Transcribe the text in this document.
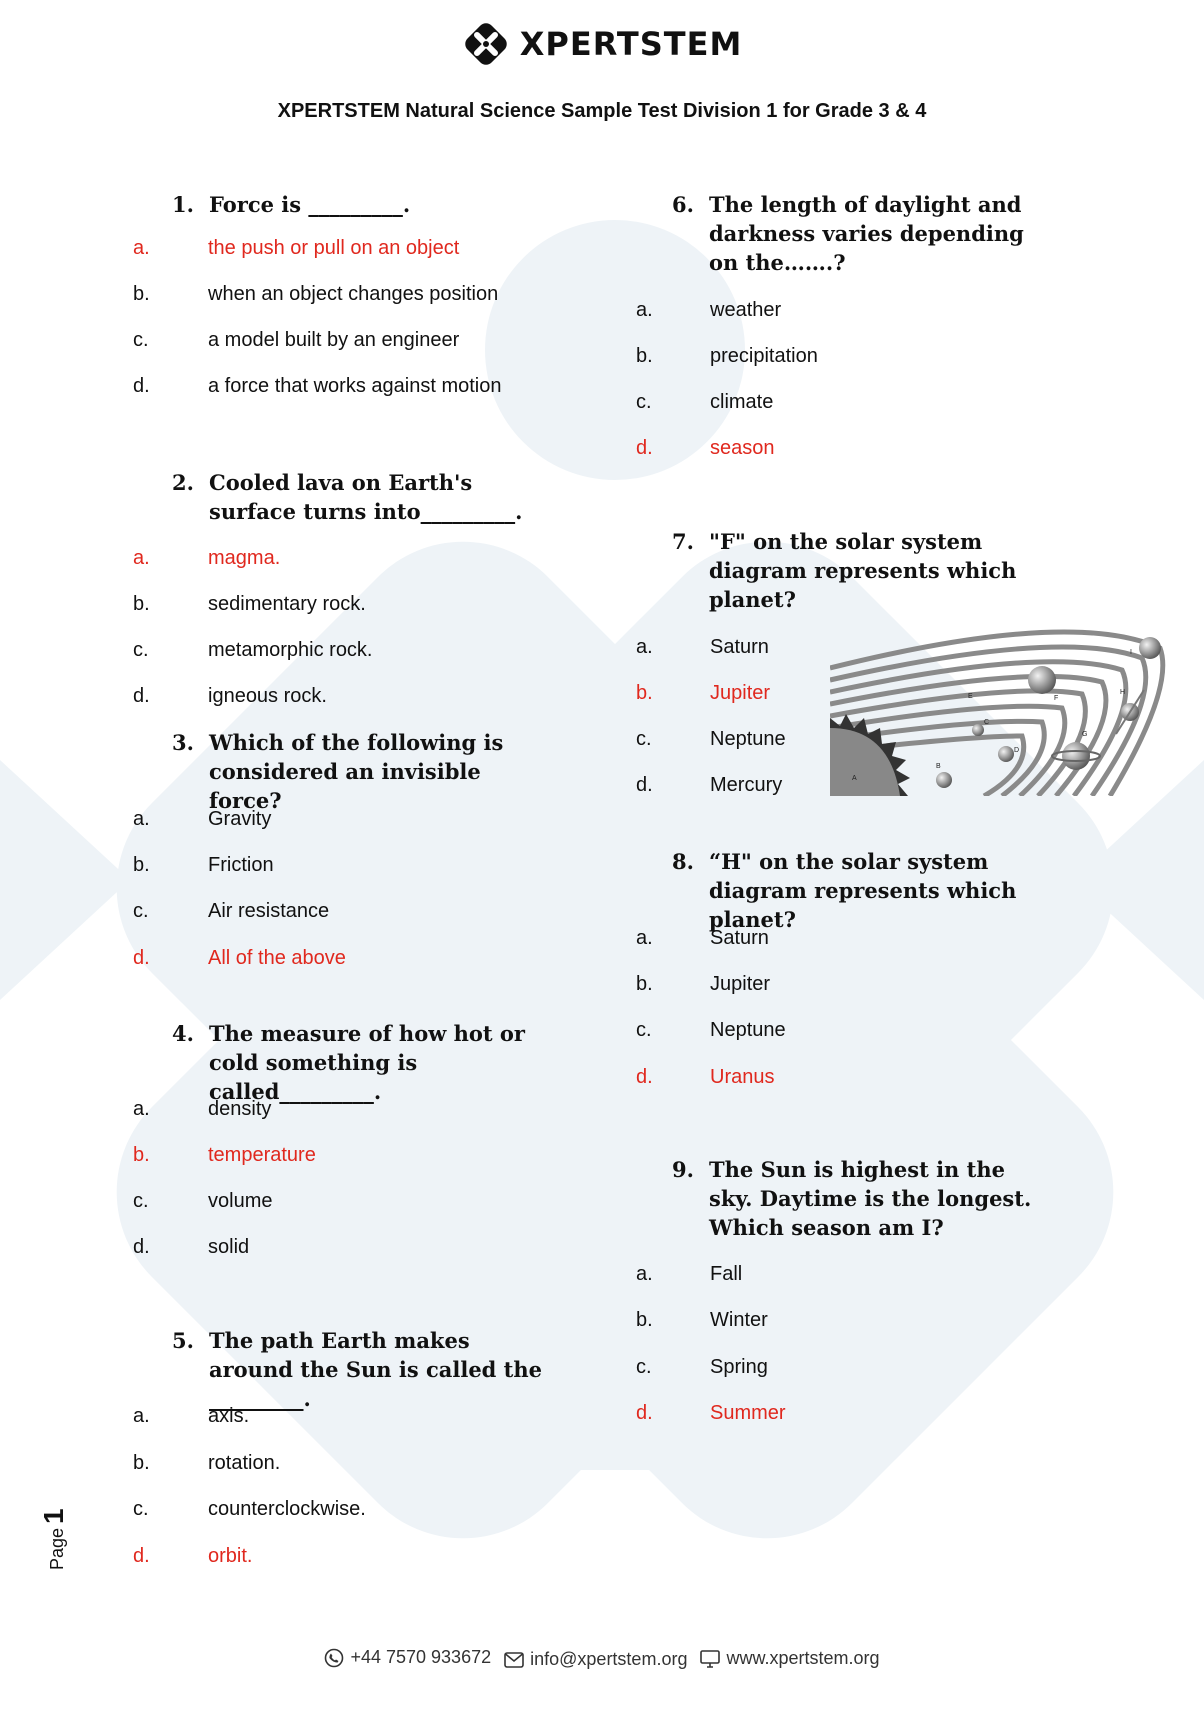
XPERTSTEM
XPERTSTEM Natural Science Sample Test Division 1 for Grade 3 & 4
1. Force is _________.
a.	the push or pull on an object
b.	when an object changes position
c.	a model built by an engineer
d.	a force that works against motion
2. Cooled lava on Earth's surface turns into_________.
a.	magma.
b.	sedimentary rock.
c.	metamorphic rock.
d.	igneous rock.
3. Which of the following is considered an invisible force?
a.	Gravity
b.	Friction
c.	Air resistance
d.	All of the above
4. The measure of how hot or cold something is called_________.
a.	density
b.	temperature
c.	volume
d.	solid
5. The path Earth makes around the Sun is called the _________.
a.	axis.
b.	rotation.
c.	counterclockwise.
d.	orbit.
6. The length of daylight and darkness varies depending on the…….?
a.	weather
b.	precipitation
c.	climate
d.	season
7. "F" on the solar system diagram represents which planet?
a.	Saturn
b.	Jupiter
c.	Neptune
d.	Mercury
8. “H" on the solar system diagram represents which planet?
a.	Saturn
b.	Jupiter
c.	Neptune
d.	Uranus
9. The Sun is highest in the sky. Daytime is the longest. Which season am I?
a.	Fall
b.	Winter
c.	Spring
d.	Summer
A
B
C
D
E	F
G
H
I
Page
1
+44 7570 933672
info@xpertstem.org
www.xpertstem.org
